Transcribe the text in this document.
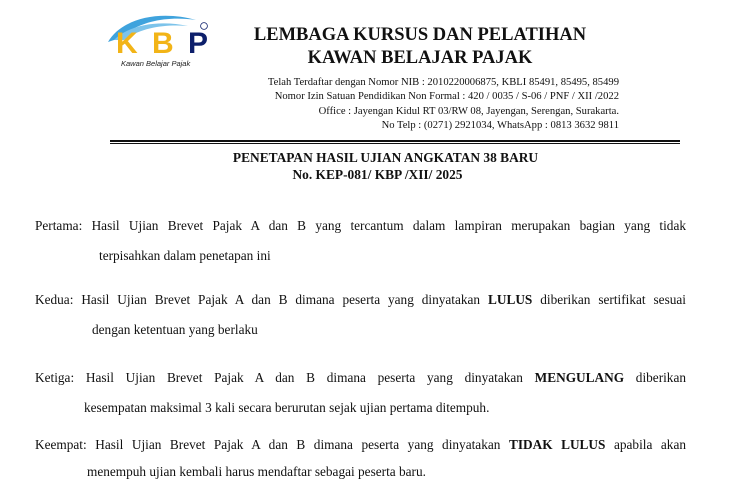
K B P
Kawan Belajar Pajak
LEMBAGA KURSUS DAN PELATIHAN
KAWAN BELAJAR PAJAK
Telah Terdaftar dengan Nomor NIB : 2010220006875, KBLI 85491, 85495, 85499
Nomor Izin Satuan Pendidikan Non Formal : 420 / 0035 / S-06 / PNF / XII /2022
Office : Jayengan Kidul RT 03/RW 08, Jayengan, Serengan, Surakarta.
No Telp : (0271) 2921034, WhatsApp : 0813 3632 9811
PENETAPAN HASIL UJIAN ANGKATAN 38 BARU
No. KEP-081/ KBP /XII/ 2025
Pertama: Hasil Ujian Brevet Pajak A dan B yang tercantum dalam lampiran merupakan bagian yang tidak
terpisahkan dalam penetapan ini
Kedua: Hasil Ujian Brevet Pajak A dan B dimana peserta yang dinyatakan LULUS diberikan sertifikat sesuai
dengan ketentuan yang berlaku
Ketiga: Hasil Ujian Brevet Pajak A dan B dimana peserta yang dinyatakan MENGULANG diberikan
kesempatan maksimal 3 kali secara berurutan sejak ujian pertama ditempuh.
Keempat: Hasil Ujian Brevet Pajak A dan B dimana peserta yang dinyatakan TIDAK LULUS apabila akan
menempuh ujian kembali harus mendaftar sebagai peserta baru.
